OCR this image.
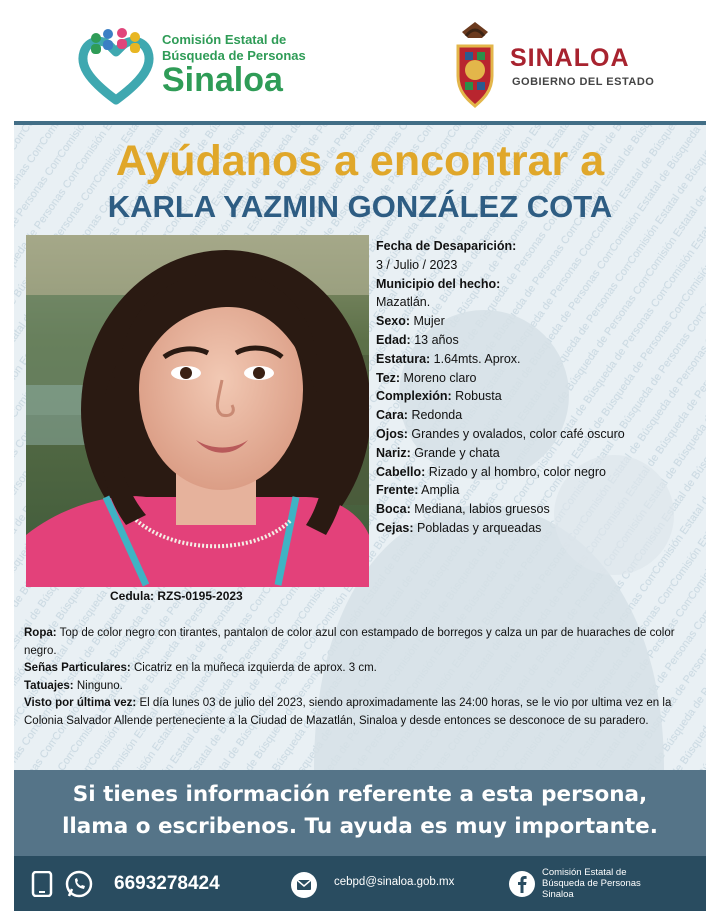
Comisión Estatal de
Búsqueda de Personas
Sinaloa
SINALOA
GOBIERNO DEL ESTADO
Ayúdanos a encontrar a
KARLA YAZMIN GONZÁLEZ COTA
Fecha de Desaparición:
3 / Julio / 2023
Municipio del hecho:
Mazatlán.
Sexo: Mujer
Edad: 13 años
Estatura: 1.64mts. Aprox.
Tez: Moreno claro
Complexión: Robusta
Cara: Redonda
Ojos: Grandes y ovalados, color café oscuro
Nariz: Grande y chata
Cabello: Rizado y al hombro, color negro
Frente: Amplia
Boca: Mediana, labios gruesos
Cejas: Pobladas y arqueadas
Cedula: RZS-0195-2023

Ropa: Top de color negro con tirantes, pantalon de color azul con estampado de borregos y calza un par de huaraches de color negro.

Señas Particulares: Cicatriz en la muñeca izquierda de aprox. 3 cm.

Tatuajes: Ninguno.

Visto por última vez: El día lunes 03 de julio del 2023, siendo aproximadamente las 24:00 horas, se le vio por ultima vez en la Colonia Salvador Allende perteneciente a la Ciudad de Mazatlán, Sinaloa y desde entonces se desconoce de su paradero.

Si tienes información referente a esta persona,
llama o escribenos. Tu ayuda es muy importante.
6693278424	cebpd@sinaloa.gob.mx
Comisión Estatal de
Búsqueda de Personas
Sinaloa
